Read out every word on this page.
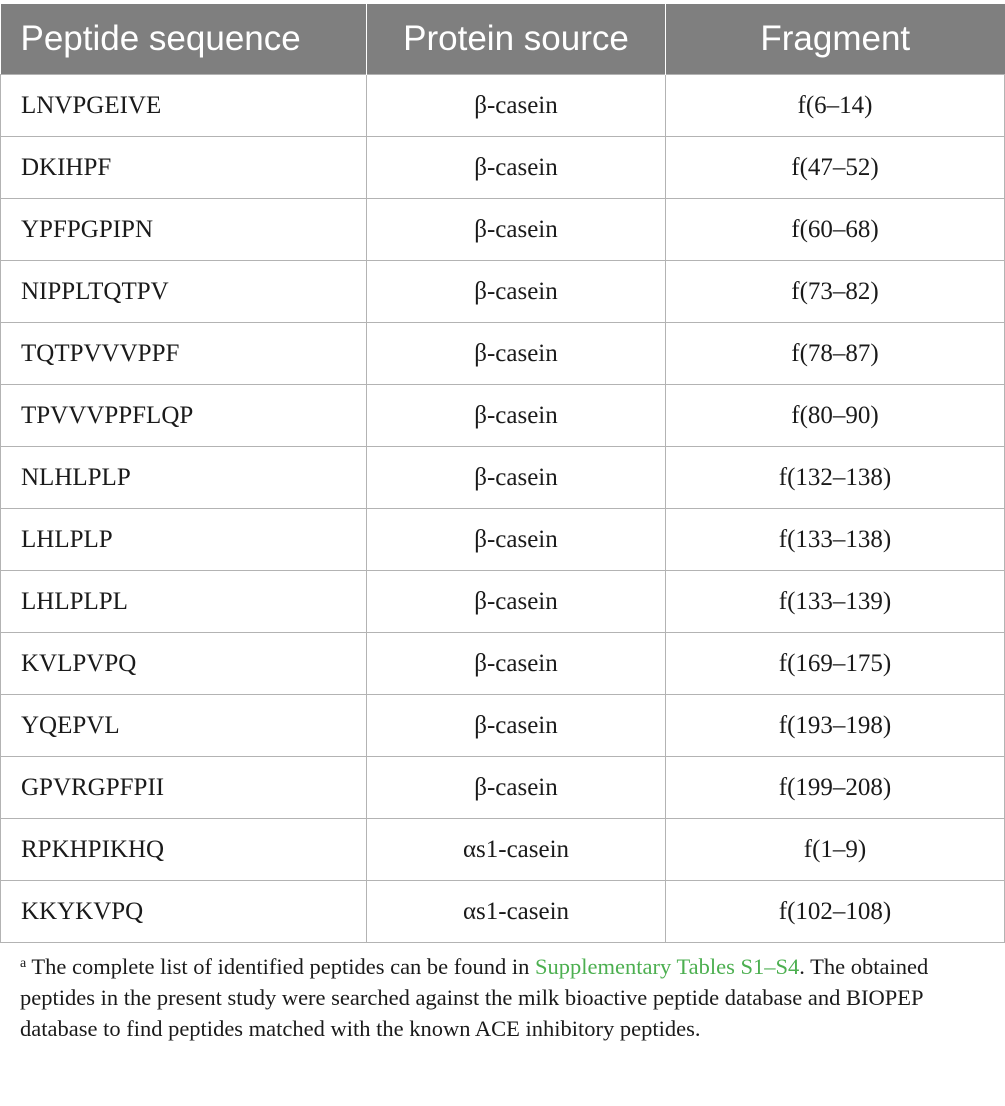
Peptide sequence	Protein source	Fragment
LNVPGEIVE	β-casein	f(6–14)
DKIHPF	β-casein	f(47–52)
YPFPGPIPN	β-casein	f(60–68)
NIPPLTQTPV	β-casein	f(73–82)
TQTPVVVPPF	β-casein	f(78–87)
TPVVVPPFLQP	β-casein	f(80–90)
NLHLPLP	β-casein	f(132–138)
LHLPLP	β-casein	f(133–138)
LHLPLPL	β-casein	f(133–139)
KVLPVPQ	β-casein	f(169–175)
YQEPVL	β-casein	f(193–198)
GPVRGPFPII	β-casein	f(199–208)
RPKHPIKHQ	αs1-casein	f(1–9)
KKYKVPQ	αs1-casein	f(102–108)
$^a$ The complete list of identified peptides can be found in Supplementary Tables S1–S4. The obtained peptides in the present study were searched against the milk bioactive peptide database and BIOPEP database to find peptides matched with the known ACE inhibitory peptides.
